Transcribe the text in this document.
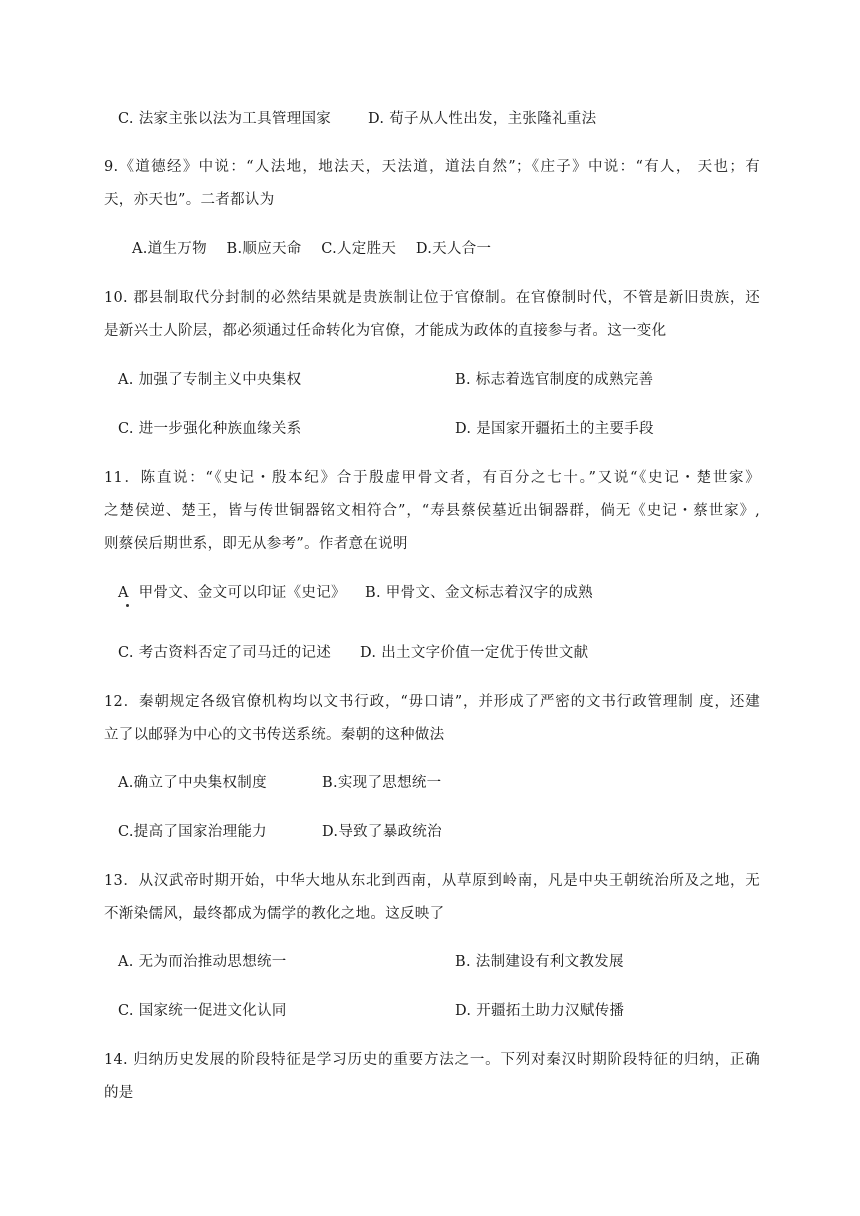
C. 法家主张以法为工具管理国家	D. 荀子从人性出发，主张隆礼重法
9.《道德经》中说：“人法地，地法天，天法道，道法自然”；《庄子》中说：“有人， 天也；有
天，亦天也”。二者都认为
A.道生万物    B.顺应天命    C.人定胜天    D.天人合一
10. 郡县制取代分封制的必然结果就是贵族制让位于官僚制。在官僚制时代，不管是新旧贵族，还
是新兴士人阶层，都必须通过任命转化为官僚，才能成为政体的直接参与者。这一变化
A. 加强了专制主义中央集权	B. 标志着选官制度的成熟完善
C. 进一步强化种族血缘关系	D. 是国家开疆拓土的主要手段
11．陈直说：“《史记・殷本纪》合于殷虚甲骨文者，有百分之七十。”又说“《史记・楚世家》
之楚侯逆、楚王，皆与传世铜器铭文相符合”，“寿县蔡侯墓近出铜器群，倘无《史记・蔡世家》,
则蔡侯后期世系，即无从参考”。作者意在说明
A  甲骨文、金文可以印证《史记》 B. 甲骨文、金文标志着汉字的成熟
C. 考古资料否定了司马迁的记述 D. 出土文字价值一定优于传世文献
12．秦朝规定各级官僚机构均以文书行政，“毋口请”，并形成了严密的文书行政管理制 度，还建
立了以邮驿为中心的文书传送系统。秦朝的这种做法
A.确立了中央集权制度	B.实现了思想统一
C.提高了国家治理能力	D.导致了暴政统治
13．从汉武帝时期开始，中华大地从东北到西南，从草原到岭南，凡是中央王朝统治所及之地，无
不渐染儒风，最终都成为儒学的教化之地。这反映了
A. 无为而治推动思想统一	B. 法制建设有利文教发展
C. 国家统一促进文化认同	D. 开疆拓土助力汉赋传播
14. 归纳历史发展的阶段特征是学习历史的重要方法之一。下列对秦汉时期阶段特征的归纳，正确
的是
